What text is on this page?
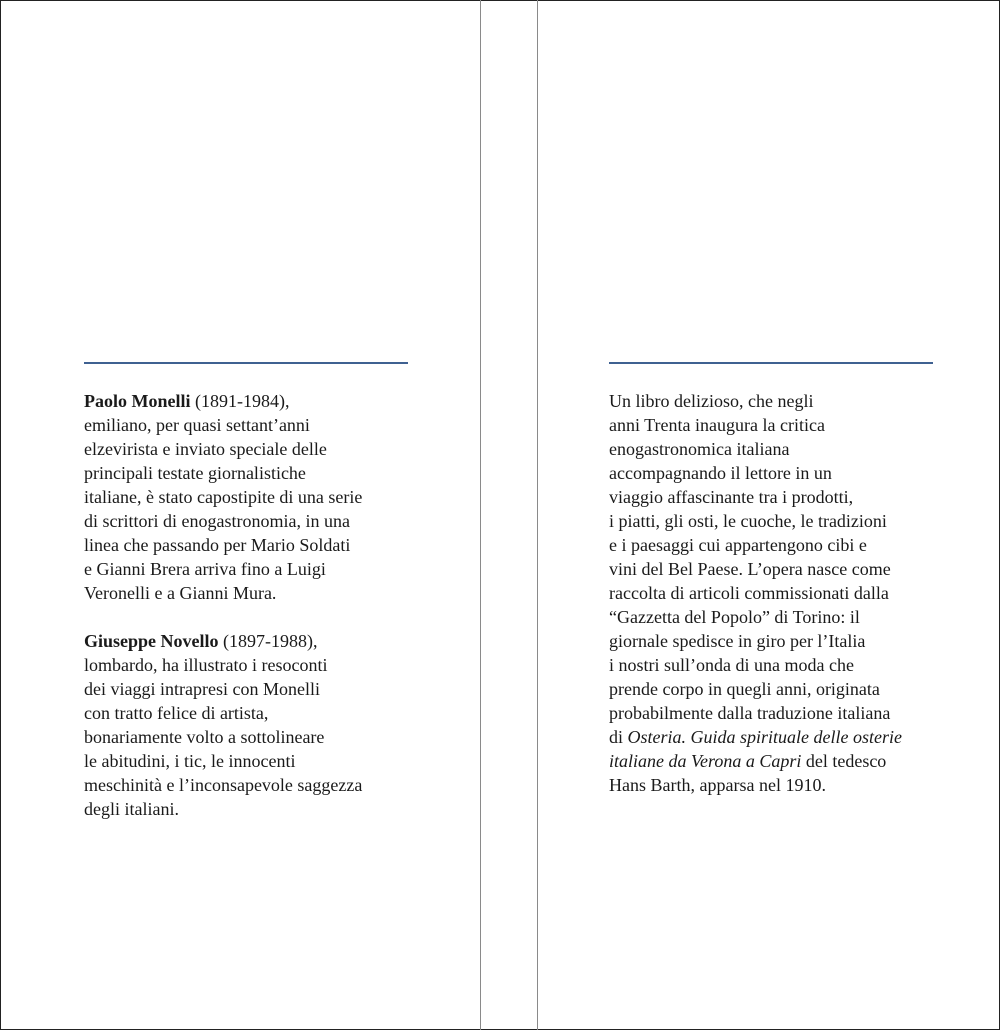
Paolo Monelli (1891-1984),
emiliano, per quasi settant’anni
elzevirista e inviato speciale delle
principali testate giornalistiche
italiane, è stato capostipite di una serie
di scrittori di enogastronomia, in una
linea che passando per Mario Soldati
e Gianni Brera arriva fino a Luigi
Veronelli e a Gianni Mura.
Giuseppe Novello (1897-1988),
lombardo, ha illustrato i resoconti
dei viaggi intrapresi con Monelli
con tratto felice di artista,
bonariamente volto a sottolineare
le abitudini, i tic, le innocenti
meschinità e l’inconsapevole saggezza
degli italiani.
Un libro delizioso, che negli
anni Trenta inaugura la critica
enogastronomica italiana
accompagnando il lettore in un
viaggio affascinante tra i prodotti,
i piatti, gli osti, le cuoche, le tradizioni
e i paesaggi cui appartengono cibi e
vini del Bel Paese. L’opera nasce come
raccolta di articoli commissionati dalla
“Gazzetta del Popolo” di Torino: il
giornale spedisce in giro per l’Italia
i nostri sull’onda di una moda che
prende corpo in quegli anni, originata
probabilmente dalla traduzione italiana
di Osteria. Guida spirituale delle osterie
italiane da Verona a Capri del tedesco
Hans Barth, apparsa nel 1910.
